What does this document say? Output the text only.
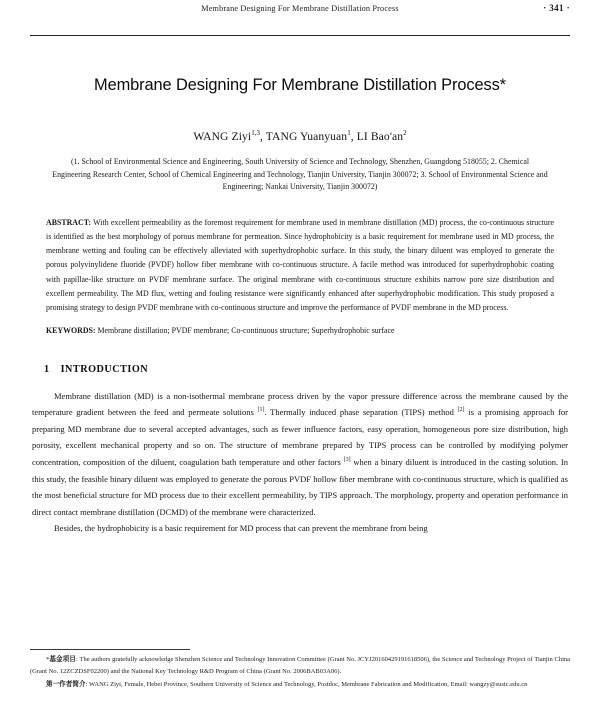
Membrane Designing For Membrane Distillation Process	· 341 ·
Membrane Designing For Membrane Distillation Process*
WANG Ziyi$^{1,3}$, TANG Yuanyuan$^1$, LI $Bao'an^2$
(1. School of Environmental Science and Engineering, South University of Science and Technology, Shenzhen, Guangdong 518055; 2. Chemical Engineering Research Center, School of Chemical Engineering and Technology, Tianjin University, Tianjin 300072; 3. School of Environmental Science and Engineering; Nankai University, Tianjin 300072)

ABSTRACT: With excellent permeability as the foremost requirement for membrane used in membrane distillation (MD) process, the co-continuous structure is identified as the best morphology of porous membrane for permeation. Since hydrophobicity is a basic requirement for membrane used in MD process, the membrane wetting and fouling can be effectively alleviated with superhydrophobic surface. In this study, the binary diluent was employed to generate the porous polyvinylidene fluoride (PVDF) hollow fiber membrane with co-continuous structure. A facile method was introduced for superhydrophobic coating with papillae-like structure on PVDF membrane surface. The original membrane with co-continuous structure exhibits narrow pore size distribution and excellent permeability. The MD flux, wetting and fouling resistance were significantly enhanced after superhydrophobic modification. This study proposed a promising strategy to design PVDF membrane with co-continuous structure and improve the performance of PVDF membrane in the MD process.

KEYWORDS: Membrane distillation; PVDF membrane; Co-continuous structure; Superhydrophobic surface

1 INTRODUCTION

Membrane distillation (MD) is a non-isothermal membrane process driven by the vapor pressure difference across the membrane caused by the temperature gradient between the feed and permeate solutions [1]. Thermally induced phase separation (TIPS) method [2] is a promising approach for preparing MD membrane due to several accepted advantages, such as fewer influence factors, easy operation, homogeneous pore size distribution, high porosity, excellent mechanical property and so on. The structure of membrane prepared by TIPS process can be controlled by modifying polymer concentration, composition of the diluent, coagulation bath temperature and other factors [3] when a binary diluent is introduced in the casting solution. In this study, the feasible binary diluent was employed to generate the porous PVDF hollow fiber membrane with co-continuous structure, which is qualified as the most beneficial structure for MD process due to their excellent permeability, by TIPS approach. The morphology, property and operation performance in direct contact membrane distillation (DCMD) of the membrane were characterized.

Besides, the hydrophobicity is a basic requirement for MD process that can prevent the membrane from being

*基金项目: The authors gratefully acknowledge Shenzhen Science and Technology Innovation Committee (Grant No. JCYJ20160429191618506), the Science and Technology Project of Tianjin China (Grant No. 12ZCZDSF02200) and the National Key Technology R&D Program of China (Grant No. 2006BAB03A06).

第一作者简介: WANG Ziyi, Female, Hebei Province, Southern University of Science and Technology, Postdoc, Membrane Fabrication and Modification, Email: wangzy@sustc.edu.cn
